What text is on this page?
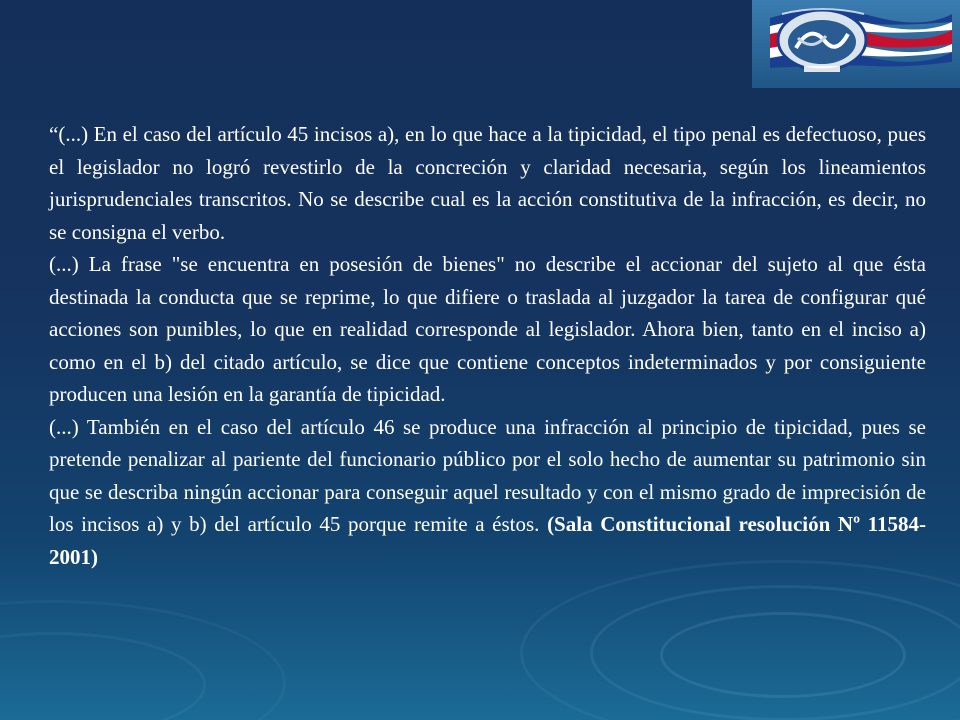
“(...) En el caso del artículo 45 incisos a), en lo que hace a la tipicidad, el tipo penal es defectuoso, pues el legislador no logró revestirlo de la concreción y claridad necesaria, según los lineamientos jurisprudenciales transcritos. No se describe cual es la acción constitutiva de la infracción, es decir, no se consigna el verbo.

(...) La frase "se encuentra en posesión de bienes" no describe el accionar del sujeto al que ésta destinada la conducta que se reprime, lo que difiere o traslada al juzgador la tarea de configurar qué acciones son punibles, lo que en realidad corresponde al legislador. Ahora bien, tanto en el inciso a) como en el b) del citado artículo, se dice que contiene conceptos indeterminados y por consiguiente producen una lesión en la garantía de tipicidad.

(...) También en el caso del artículo 46 se produce una infracción al principio de tipicidad, pues se pretende penalizar al pariente del funcionario público por el solo hecho de aumentar su patrimonio sin que se describa ningún accionar para conseguir aquel resultado y con el mismo grado de imprecisión de los incisos a) y b) del artículo 45 porque remite a éstos. (Sala Constitucional resolución Nº 11584-2001)
